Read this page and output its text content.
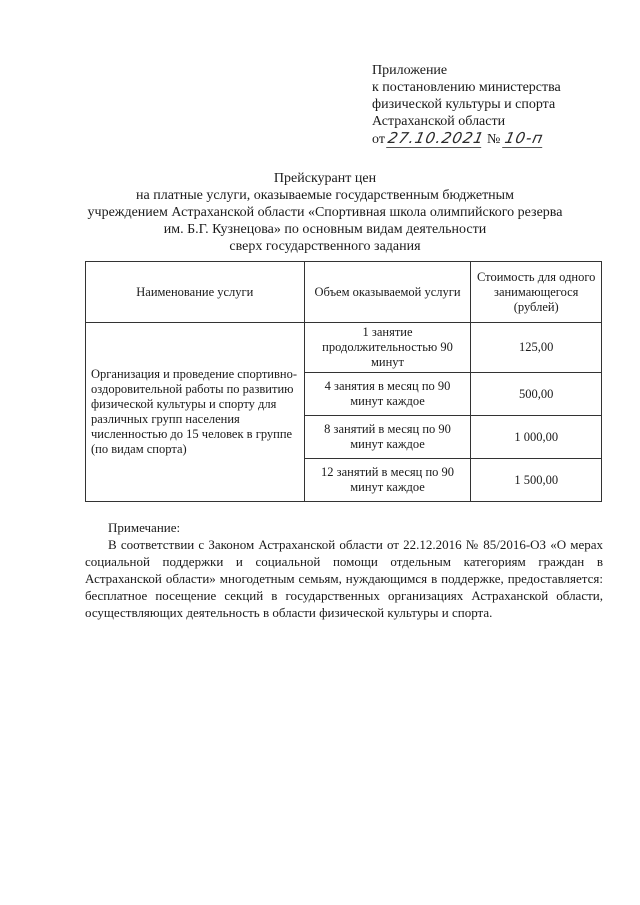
Приложение
к постановлению министерства
физической культуры и спорта
Астраханской области
от 27.10.2021 № 10-п
Прейскурант цен
на платные услуги, оказываемые государственным бюджетным
учреждением Астраханской области «Спортивная школа олимпийского резерва
им. Б.Г. Кузнецова» по основным видам деятельности
сверх государственного задания
Наименование услуги	Объем оказываемой услуги	Стоимость для одного занимающегося (рублей)
Организация и проведение спортивно-оздоровительной работы по развитию физической культуры и спорту для различных групп населения численностью до 15 человек в группе (по видам спорта)	1 занятие продолжительностью 90 минут	125,00
	4 занятия в месяц по 90 минут каждое	500,00
	8 занятий в месяц по 90 минут каждое	1 000,00
	12 занятий в месяц по 90 минут каждое	1 500,00
Примечание:
В соответствии с Законом Астраханской области от 22.12.2016 № 85/2016-ОЗ «О мерах социальной поддержки и социальной помощи отдельным категориям граждан в Астраханской области» многодетным семьям, нуждающимся в поддержке, предоставляется: бесплатное посещение секций в государственных организациях Астраханской области, осуществляющих деятельность в области физической культуры и спорта.
